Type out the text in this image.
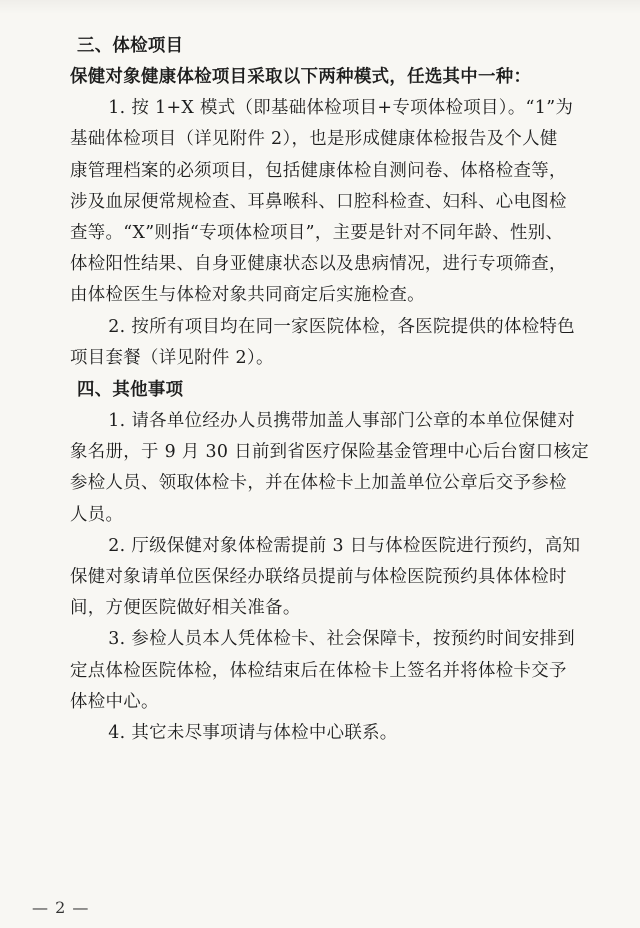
三、体检项目
保健对象健康体检项目采取以下两种模式，任选其中一种：
1. 按 1+X 模式（即基础体检项目+专项体检项目）。“1”为
基础体检项目（详见附件 2），也是形成健康体检报告及个人健
康管理档案的必须项目，包括健康体检自测问卷、体格检查等，
涉及血尿便常规检查、耳鼻喉科、口腔科检查、妇科、心电图检
查等。“X”则指“专项体检项目”，主要是针对不同年龄、性别、
体检阳性结果、自身亚健康状态以及患病情况，进行专项筛查，
由体检医生与体检对象共同商定后实施检查。
2. 按所有项目均在同一家医院体检，各医院提供的体检特色
项目套餐（详见附件 2）。
四、其他事项
1. 请各单位经办人员携带加盖人事部门公章的本单位保健对
象名册，于 9 月 30 日前到省医疗保险基金管理中心后台窗口核定
参检人员、领取体检卡，并在体检卡上加盖单位公章后交予参检
人员。
2. 厅级保健对象体检需提前 3 日与体检医院进行预约，高知
保健对象请单位医保经办联络员提前与体检医院预约具体体检时
间，方便医院做好相关准备。
3. 参检人员本人凭体检卡、社会保障卡，按预约时间安排到
定点体检医院体检，体检结束后在体检卡上签名并将体检卡交予
体检中心。
4. 其它未尽事项请与体检中心联系。
— 2 —
